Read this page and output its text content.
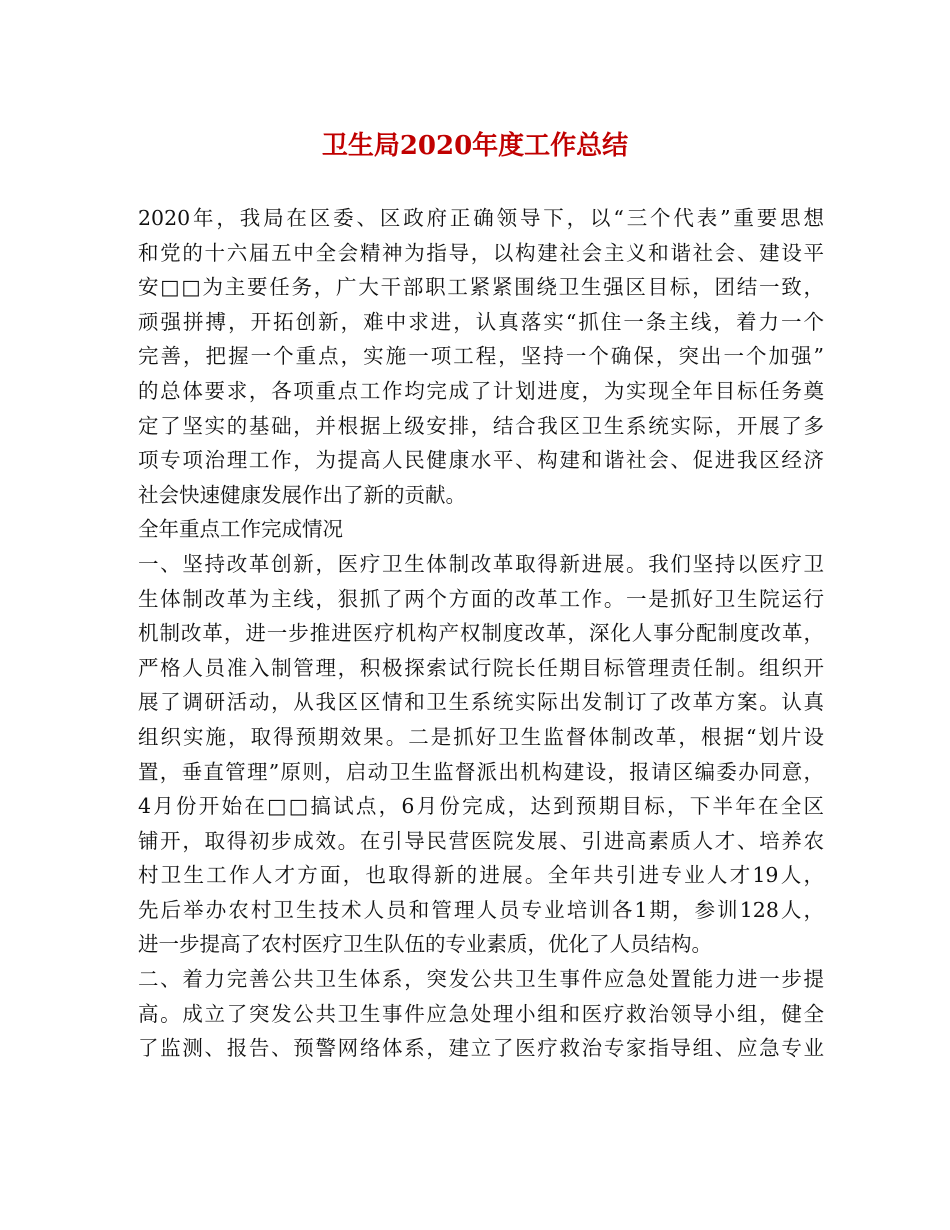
卫生局2020年度工作总结
2020年，我局在区委、区政府正确领导下，以“三个代表”重要思想
和党的十六届五中全会精神为指导，以构建社会主义和谐社会、建设平
安□□为主要任务，广大干部职工紧紧围绕卫生强区目标，团结一致，
顽强拼搏，开拓创新，难中求进，认真落实“抓住一条主线，着力一个
完善，把握一个重点，实施一项工程，坚持一个确保，突出一个加强”
的总体要求，各项重点工作均完成了计划进度，为实现全年目标任务奠
定了坚实的基础，并根据上级安排，结合我区卫生系统实际，开展了多
项专项治理工作，为提高人民健康水平、构建和谐社会、促进我区经济
社会快速健康发展作出了新的贡献。
全年重点工作完成情况
一、坚持改革创新，医疗卫生体制改革取得新进展。我们坚持以医疗卫
生体制改革为主线，狠抓了两个方面的改革工作。一是抓好卫生院运行
机制改革，进一步推进医疗机构产权制度改革，深化人事分配制度改革，
严格人员准入制管理，积极探索试行院长任期目标管理责任制。组织开
展了调研活动，从我区区情和卫生系统实际出发制订了改革方案。认真
组织实施，取得预期效果。二是抓好卫生监督体制改革，根据“划片设
置，垂直管理”原则，启动卫生监督派出机构建设，报请区编委办同意，
4月份开始在□□搞试点，6月份完成，达到预期目标，下半年在全区
铺开，取得初步成效。在引导民营医院发展、引进高素质人才、培养农
村卫生工作人才方面，也取得新的进展。全年共引进专业人才19人，
先后举办农村卫生技术人员和管理人员专业培训各1期，参训128人，
进一步提高了农村医疗卫生队伍的专业素质，优化了人员结构。
二、着力完善公共卫生体系，突发公共卫生事件应急处置能力进一步提
高。成立了突发公共卫生事件应急处理小组和医疗救治领导小组，健全
了监测、报告、预警网络体系，建立了医疗救治专家指导组、应急专业
